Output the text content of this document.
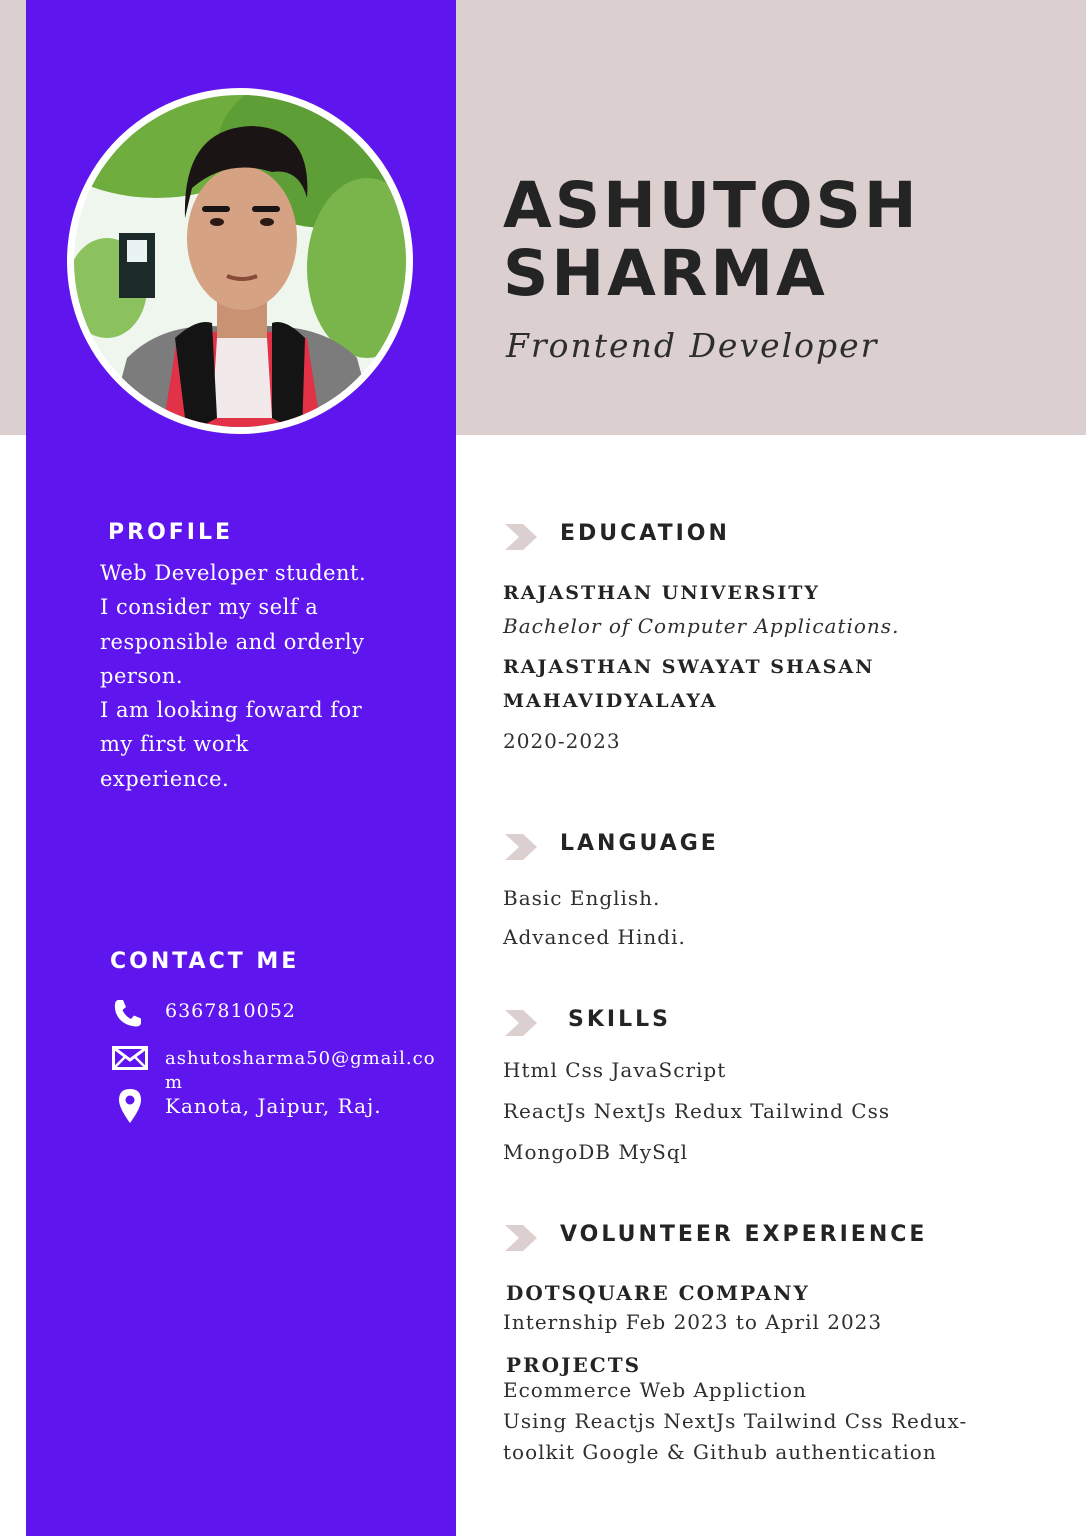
ASHUTOSH
SHARMA
Frontend Developer
PROFILE
Web Developer student.
I consider my self a
responsible and orderly
person.
I am looking foward for
my first work
experience.
CONTACT ME
6367810052
ashutosharma50@gmail.co
m
Kanota, Jaipur, Raj.
EDUCATION
RAJASTHAN UNIVERSITY
Bachelor of Computer Applications.
RAJASTHAN SWAYAT SHASAN
MAHAVIDYALAYA
2020-2023
LANGUAGE
Basic English.
Advanced Hindi.
SKILLS
Html Css JavaScript
ReactJs NextJs Redux Tailwind Css
MongoDB MySql
VOLUNTEER EXPERIENCE
DOTSQUARE COMPANY
Internship Feb 2023 to April 2023
PROJECTS
Ecommerce Web Appliction
Using Reactjs NextJs Tailwind Css Redux-
toolkit Google & Github authentication
